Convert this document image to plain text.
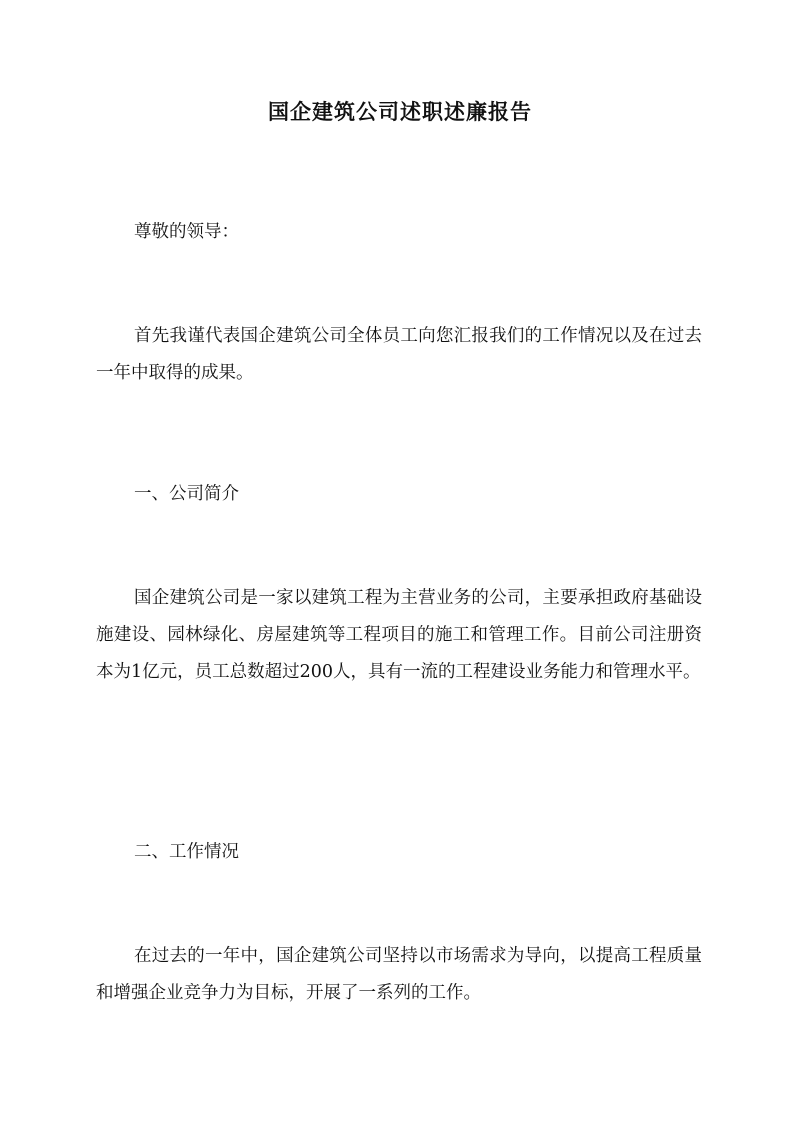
国企建筑公司述职述廉报告

尊敬的领导：

首先我谨代表国企建筑公司全体员工向您汇报我们的工作情况以及在过去一年中取得的成果。

一、公司简介

国企建筑公司是一家以建筑工程为主营业务的公司，主要承担政府基础设施建设、园林绿化、房屋建筑等工程项目的施工和管理工作。目前公司注册资本为1亿元，员工总数超过200人，具有一流的工程建设业务能力和管理水平。

二、工作情况

在过去的一年中，国企建筑公司坚持以市场需求为导向，以提高工程质量和增强企业竞争力为目标，开展了一系列的工作。
